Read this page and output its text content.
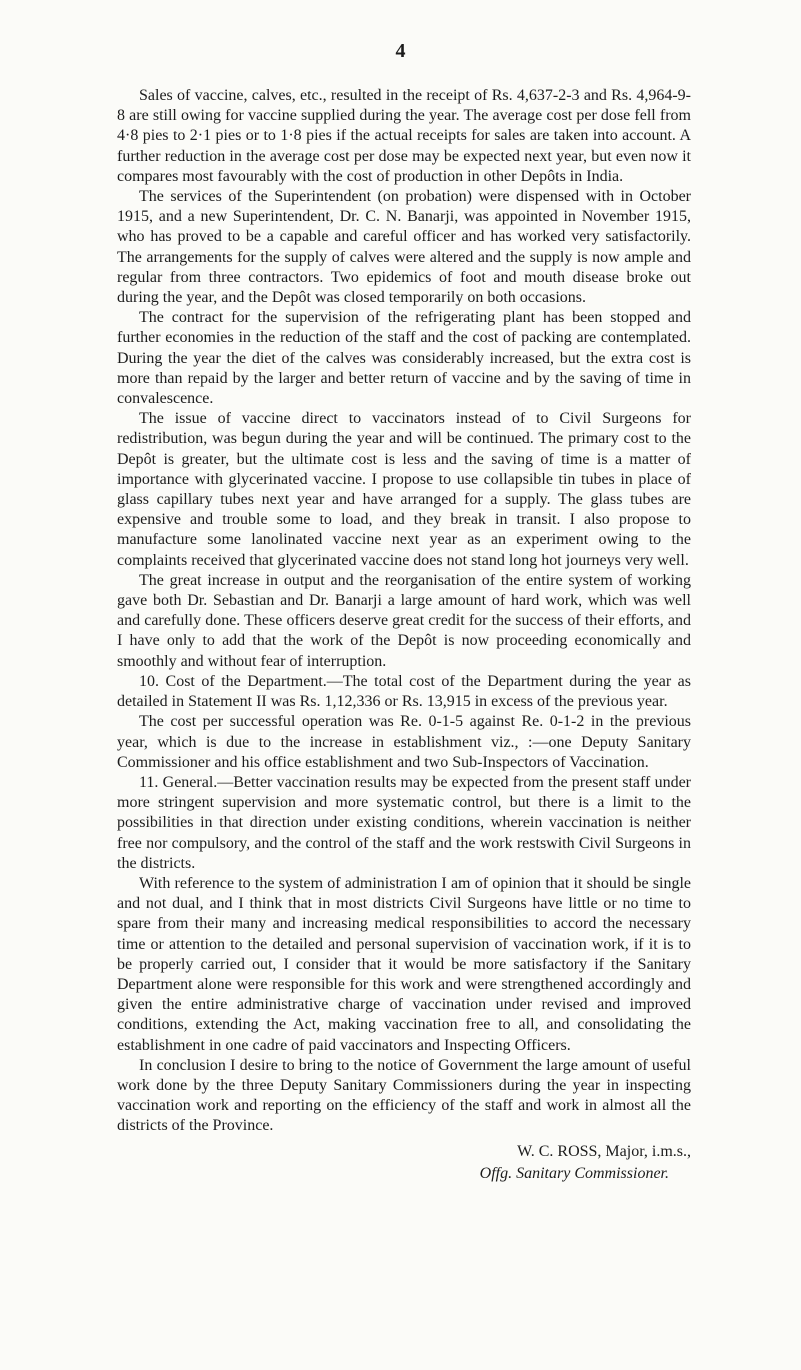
4

Sales of vaccine, calves, etc., resulted in the receipt of Rs. 4,637-2-3 and Rs. 4,964-9-8 are still owing for vaccine supplied during the year. The average cost per dose fell from 4·8 pies to 2·1 pies or to 1·8 pies if the actual receipts for sales are taken into account. A further reduction in the average cost per dose may be expected next year, but even now it compares most favourably with the cost of production in other Depôts in India.

The services of the Superintendent (on probation) were dispensed with in October 1915, and a new Superintendent, Dr. C. N. Banarji, was appointed in November 1915, who has proved to be a capable and careful officer and has worked very satisfactorily. The arrangements for the supply of calves were altered and the supply is now ample and regular from three contractors. Two epidemics of foot and mouth disease broke out during the year, and the Depôt was closed temporarily on both occasions.

The contract for the supervision of the refrigerating plant has been stopped and further economies in the reduction of the staff and the cost of packing are contemplated. During the year the diet of the calves was considerably increased, but the extra cost is more than repaid by the larger and better return of vaccine and by the saving of time in convalescence.

The issue of vaccine direct to vaccinators instead of to Civil Surgeons for redistribution, was begun during the year and will be continued. The primary cost to the Depôt is greater, but the ultimate cost is less and the saving of time is a matter of importance with glycerinated vaccine. I propose to use collapsible tin tubes in place of glass capillary tubes next year and have arranged for a supply. The glass tubes are expensive and trouble some to load, and they break in transit. I also propose to manufacture some lanolinated vaccine next year as an experiment owing to the complaints received that glycerinated vaccine does not stand long hot journeys very well.

The great increase in output and the reorganisation of the entire system of working gave both Dr. Sebastian and Dr. Banarji a large amount of hard work, which was well and carefully done. These officers deserve great credit for the success of their efforts, and I have only to add that the work of the Depôt is now proceeding economically and smoothly and without fear of interruption.

10. Cost of the Department.—The total cost of the Department during the year as detailed in Statement II was Rs. 1,12,336 or Rs. 13,915 in excess of the previous year.

The cost per successful operation was Re. 0-1-5 against Re. 0-1-2 in the previous year, which is due to the increase in establishment viz., :—one Deputy Sanitary Commissioner and his office establishment and two Sub-Inspectors of Vaccination.

11. General.—Better vaccination results may be expected from the present staff under more stringent supervision and more systematic control, but there is a limit to the possibilities in that direction under existing conditions, wherein vaccination is neither free nor compulsory, and the control of the staff and the work restswith Civil Surgeons in the districts.

With reference to the system of administration I am of opinion that it should be single and not dual, and I think that in most districts Civil Surgeons have little or no time to spare from their many and increasing medical responsibilities to accord the necessary time or attention to the detailed and personal supervision of vaccination work, if it is to be properly carried out, I consider that it would be more satisfactory if the Sanitary Department alone were responsible for this work and were strengthened accordingly and given the entire administrative charge of vaccination under revised and improved conditions, extending the Act, making vaccination free to all, and consolidating the establishment in one cadre of paid vaccinators and Inspecting Officers.

In conclusion I desire to bring to the notice of Government the large amount of useful work done by the three Deputy Sanitary Commissioners during the year in inspecting vaccination work and reporting on the efficiency of the staff and work in almost all the districts of the Province.

W. C. ROSS, Major, i.m.s.,
Offg. Sanitary Commissioner.
